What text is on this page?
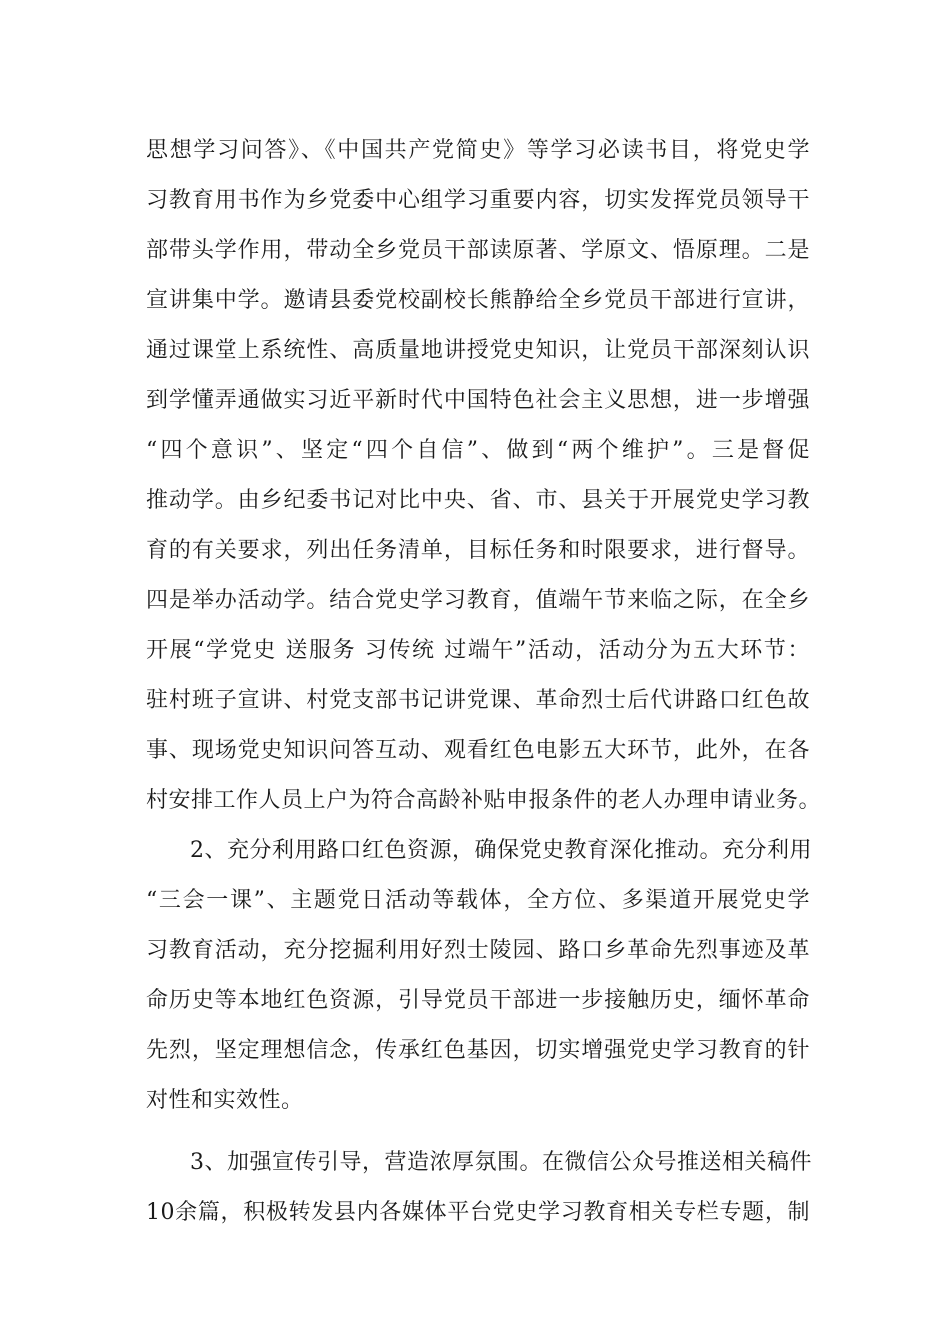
思想学习问答》、《中国共产党简史》等学习必读书目，将党史学
习教育用书作为乡党委中心组学习重要内容，切实发挥党员领导干
部带头学作用，带动全乡党员干部读原著、学原文、悟原理。二是
宣讲集中学。邀请县委党校副校长熊静给全乡党员干部进行宣讲，
通过课堂上系统性、高质量地讲授党史知识，让党员干部深刻认识
到学懂弄通做实习近平新时代中国特色社会主义思想，进一步增强
“四个意识”、坚定“四个自信”、做到“两个维护”。三是督促
推动学。由乡纪委书记对比中央、省、市、县关于开展党史学习教
育的有关要求，列出任务清单，目标任务和时限要求，进行督导。
四是举办活动学。结合党史学习教育，值端午节来临之际，在全乡
开展“学党史 送服务 习传统 过端午”活动，活动分为五大环节：
驻村班子宣讲、村党支部书记讲党课、革命烈士后代讲路口红色故
事、现场党史知识问答互动、观看红色电影五大环节，此外，在各
村安排工作人员上户为符合高龄补贴申报条件的老人办理申请业务。
2、充分利用路口红色资源，确保党史教育深化推动。充分利用
“三会一课”、主题党日活动等载体，全方位、多渠道开展党史学
习教育活动，充分挖掘利用好烈士陵园、路口乡革命先烈事迹及革
命历史等本地红色资源，引导党员干部进一步接触历史，缅怀革命
先烈，坚定理想信念，传承红色基因，切实增强党史学习教育的针
对性和实效性。
3、加强宣传引导，营造浓厚氛围。在微信公众号推送相关稿件
10余篇，积极转发县内各媒体平台党史学习教育相关专栏专题，制
